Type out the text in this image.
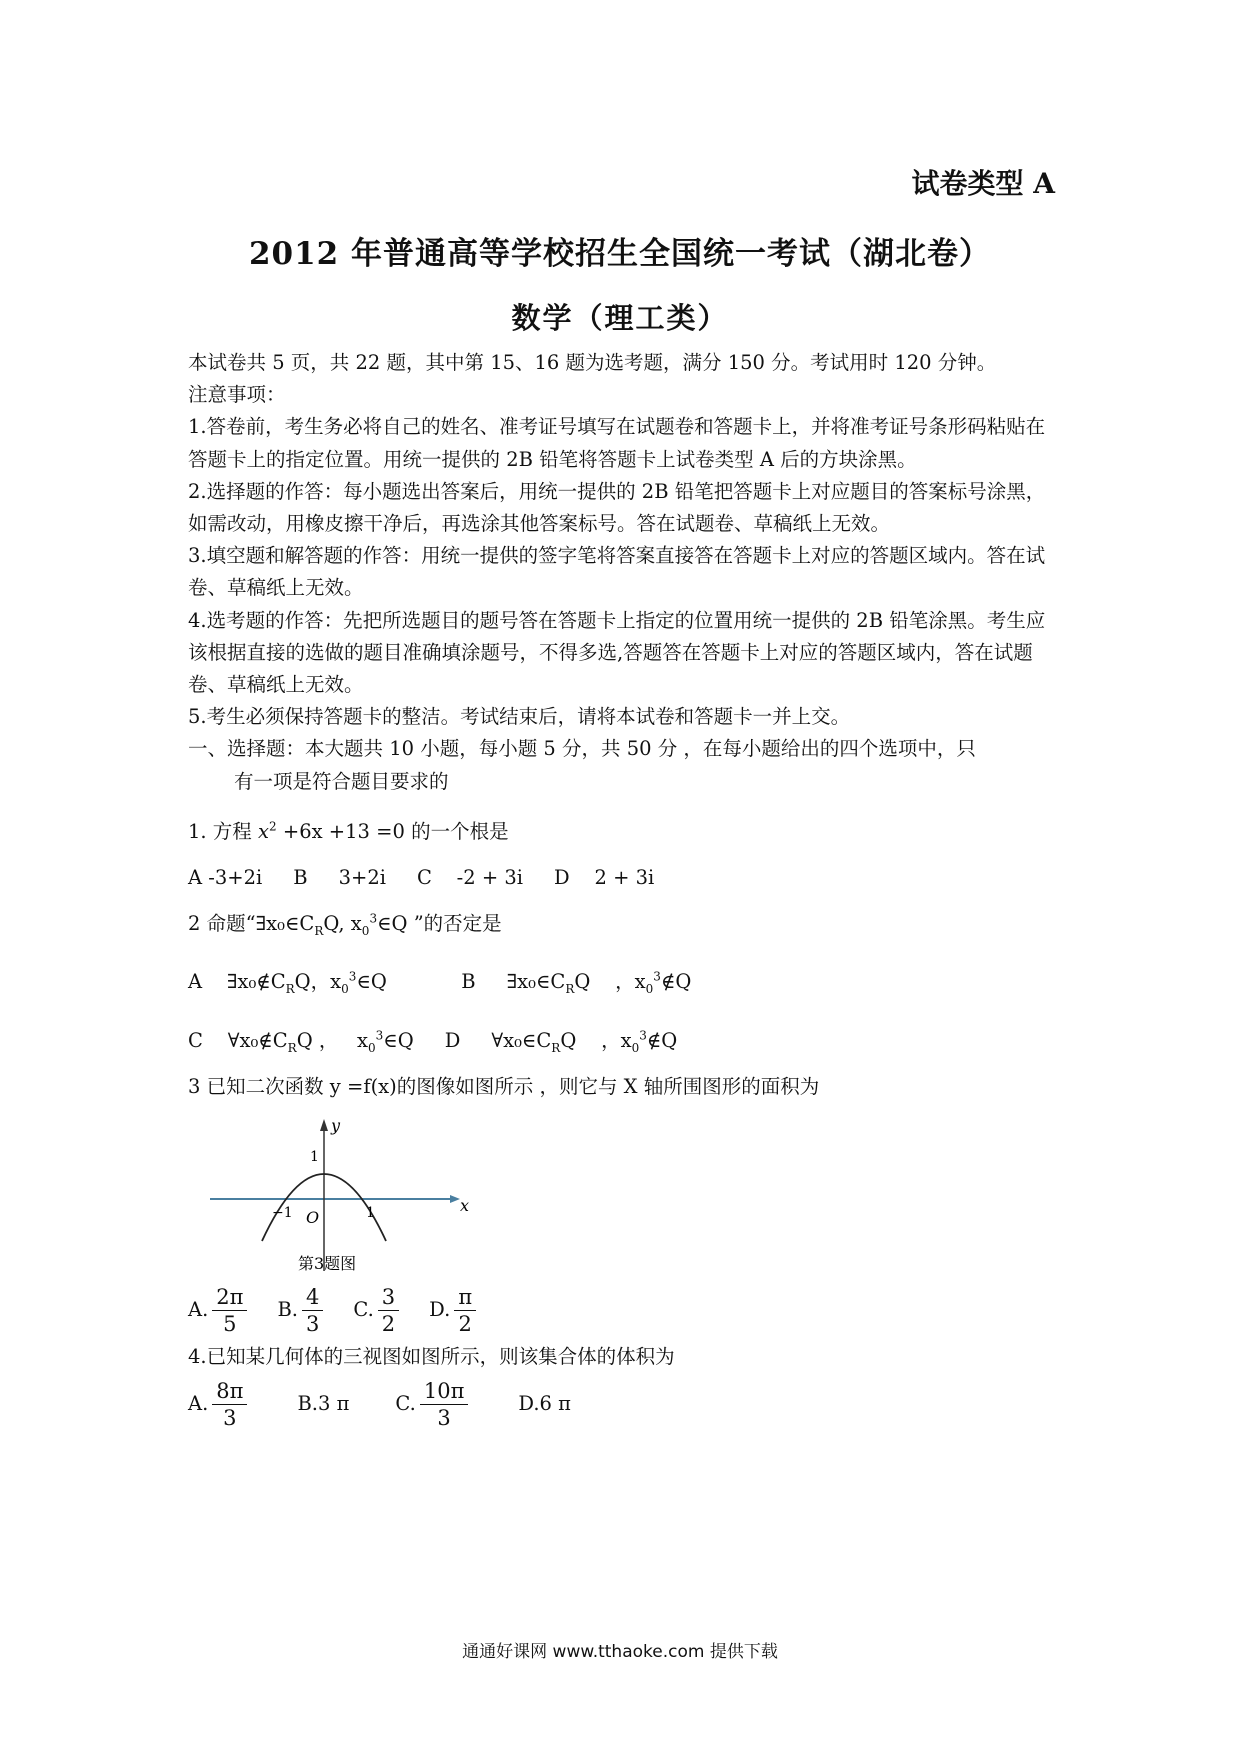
试卷类型 A
2012 年普通高等学校招生全国统一考试（湖北卷）
数学（理工类）

本试卷共 5 页，共 22 题，其中第 15、16 题为选考题，满分 150 分。考试用时 120 分钟。

注意事项：

1.答卷前，考生务必将自己的姓名、准考证号填写在试题卷和答题卡上，并将准考证号条形码粘贴在答题卡上的指定位置。用统一提供的 2B 铅笔将答题卡上试卷类型 A 后的方块涂黑。

2.选择题的作答：每小题选出答案后，用统一提供的 2B 铅笔把答题卡上对应题目的答案标号涂黑，如需改动，用橡皮擦干净后，再选涂其他答案标号。答在试题卷、草稿纸上无效。

3.填空题和解答题的作答：用统一提供的签字笔将答案直接答在答题卡上对应的答题区域内。答在试卷、草稿纸上无效。

4.选考题的作答：先把所选题目的题号答在答题卡上指定的位置用统一提供的 2B 铅笔涂黑。考生应该根据直接的选做的题目准确填涂题号，不得多选,答题答在答题卡上对应的答题区域内，答在试题卷、草稿纸上无效。

5.考生必须保持答题卡的整洁。考试结束后，请将本试卷和答题卡一并上交。

一、选择题：本大题共 10 小题，每小题 5 分，共 50 分 ，在每小题给出的四个选项中，只

有一项是符合题目要求的

1. 方程 $x^2 +6x +13 =0$ 的一个根是

A -3+2i     B     3+2i     C    -2 + 3i     D    2 + 3i

2 命题“$\exists x_0\in C_RQ$, $x_0^3\in Q$ ”的否定是

A    $\exists x_0\notin C_RQ$，$x_0^3\in Q$	B     $\exists x_0\in C_RQ$    ，$x_0^3\notin Q$

C    $\forall x_0\notin C_RQ$ ，   $x_0^3\in Q$ D     $\forall x_0\in C_RQ$    ，$x_0^3\notin Q$

3 已知二次函数 y =f(x)的图像如图所示 ，则它与 X 轴所围图形的面积为

y
x
O
−1	1
1
第3题图
A. $\frac{2\pi}{5} B$. $\frac{4}{3} C$. $\frac{3}{2} D$. $\frac{\pi}{2}$

4.已知某几何体的三视图如图所示，则该集合体的体积为

A. $\frac{8\pi}{3}$	B.3 π C. $\frac{10\pi}{3}$	D.6 π
通通好课网 www.tthaoke.com 提供下载
